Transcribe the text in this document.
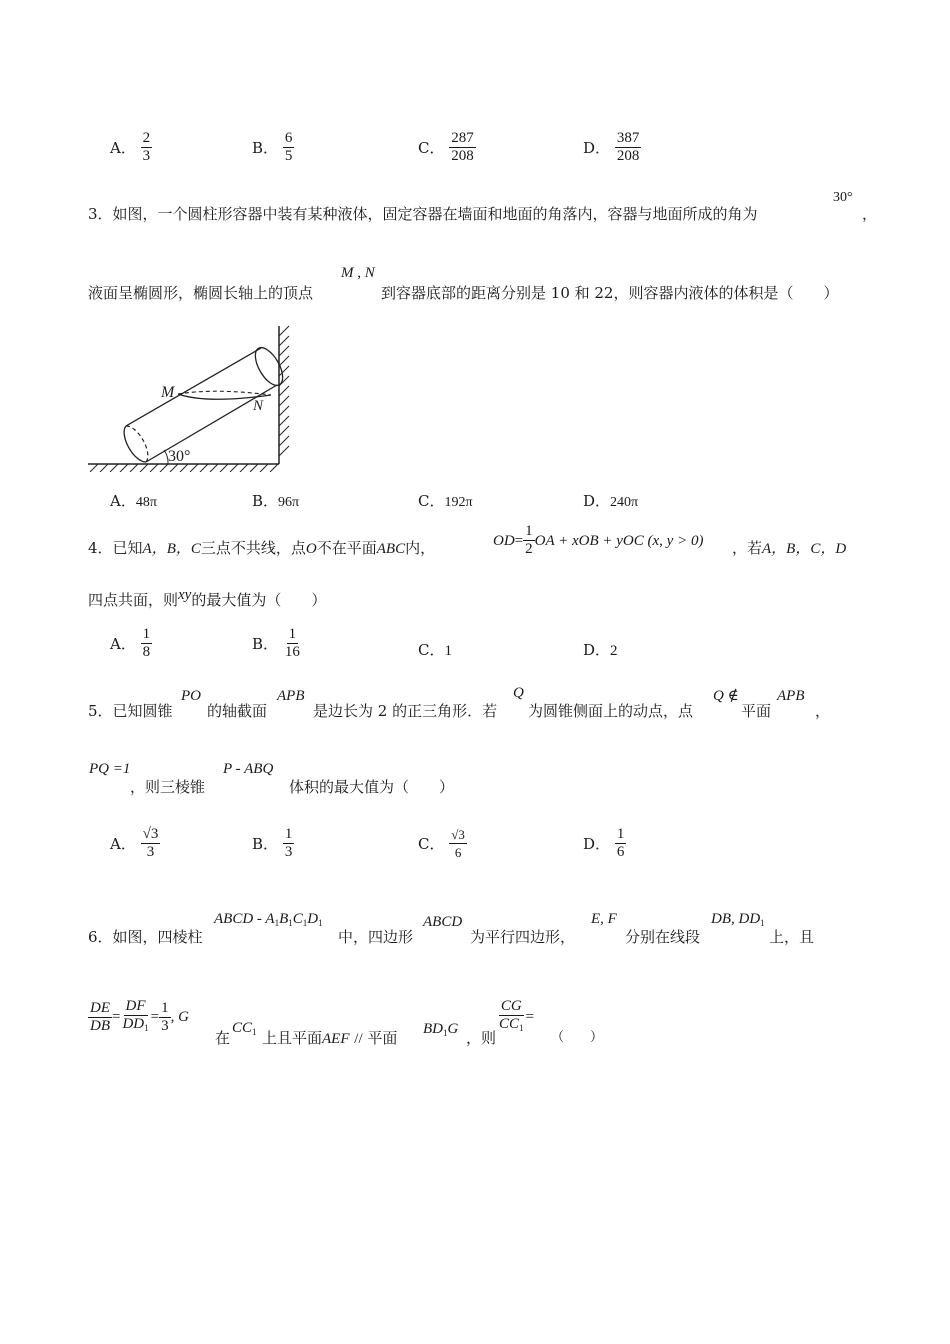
A． $\frac{2}{3}$	B． $\frac{6}{5}$	C． $\frac{287}{208}$	D． $\frac{387}{208}$
3．如图，一个圆柱形容器中装有某种液体，固定容器在墙面和地面的角落内，容器与地面所成的角为
30°
，
液面呈椭圆形，椭圆长轴上的顶点
M , N
到容器底部的距离分别是 10 和 22，则容器内液体的体积是（　　）
M
N
30°
A．48π	B．96π	C．192π	D．240π
4．已知A，B，C三点不共线，点O不在平面ABC内，	$OD= \frac{1}{2}$ OA + xOB + yOC (x, y > 0) ，若A，B，C，D
四点共面，则xy的最大值为（　　）
A． $\frac{1}{8}$	B． $\frac{1}{16}$	C．1	D．2
5．已知圆锥
PO
的轴截面
APB
是边长为 2 的正三角形．若
Q
为圆锥侧面上的动点，点
Q ∉
平面
APB
，
PQ =1
，则三棱锥
P - ABQ
体积的最大值为（　　）
A． $\frac{√3}{3}$	B． $\frac{1}{3}$	C． $\frac{√3}{6}$	D． $\frac{1}{6}$
6．如图，四棱柱
ABCD - $A_1B_1C_1D_1$
中，四边形
ABCD
为平行四边形，
E, F
分别在线段
DB, $DD_1$
上，且
$\frac{DE}{DB} = \frac{DF}{DD_1} = \frac{1}{3}$ , G
在
$CC_1$ 上且平面AEF // 平面 $BD_1G$ ，则
$\frac{CG}{CC_1}$ =
（　　）
